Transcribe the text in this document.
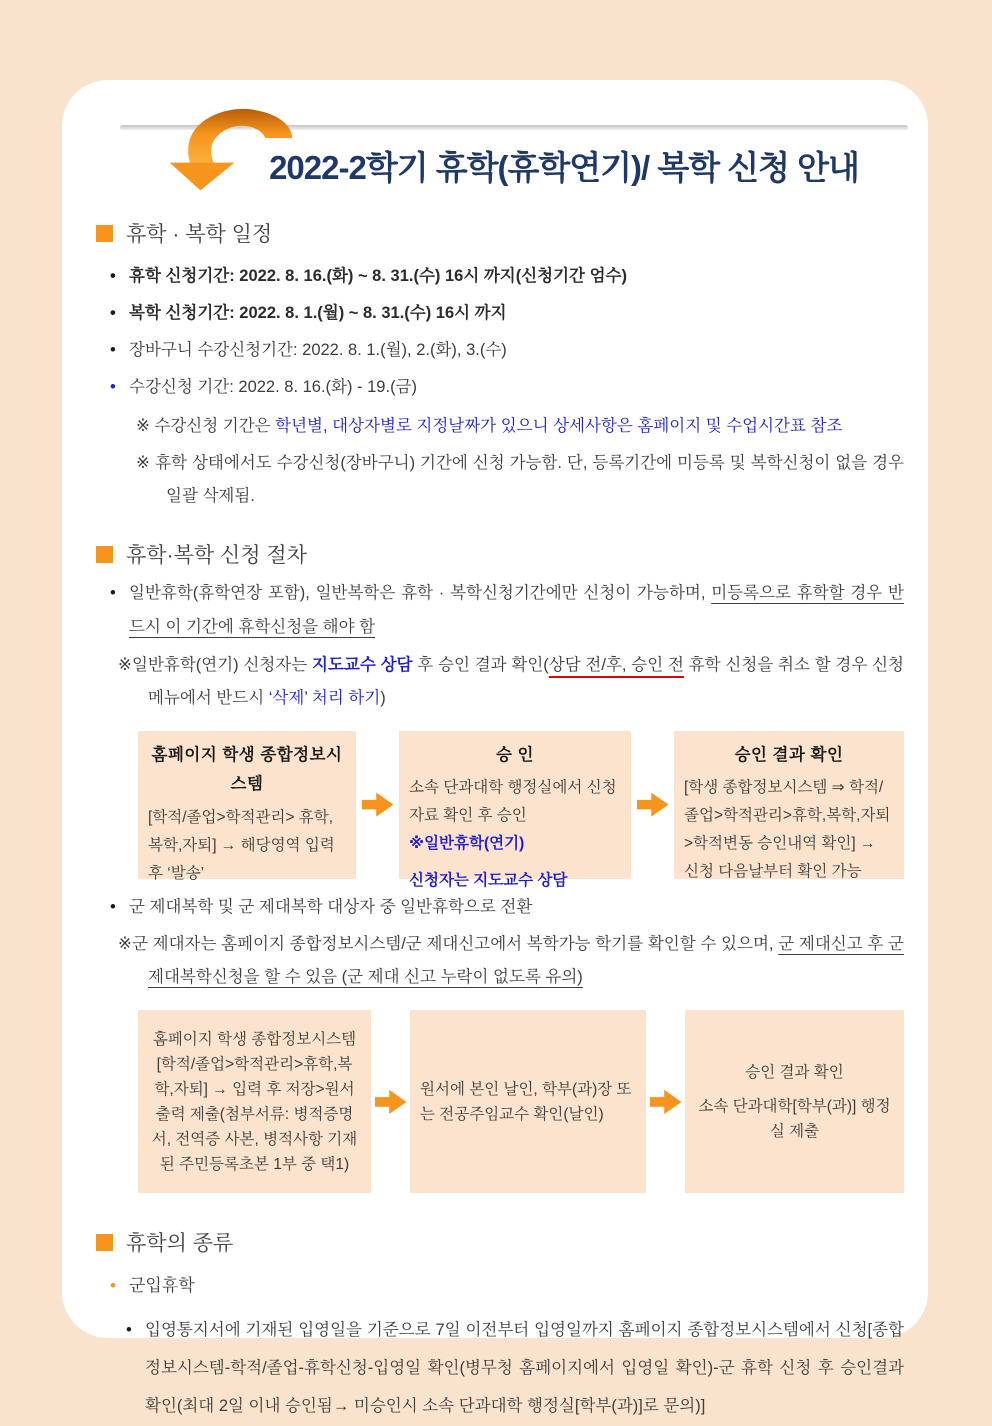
2022-2학기 휴학(휴학연기)/ 복학 신청 안내
휴학 · 복학 일정
• 휴학 신청기간: 2022. 8. 16.(화) ~ 8. 31.(수) 16시 까지(신청기간 엄수)
• 복학 신청기간: 2022. 8. 1.(월) ~ 8. 31.(수) 16시 까지
• 장바구니 수강신청기간: 2022. 8. 1.(월), 2.(화), 3.(수)
• 수강신청 기간: 2022. 8. 16.(화) - 19.(금)

※ 수강신청 기간은 학년별, 대상자별로 지정날짜가 있으니 상세사항은 홈페이지 및 수업시간표 참조

※ 휴학 상태에서도 수강신청(장바구니) 기간에 신청 가능함. 단, 등록기간에 미등록 및 복학신청이 없을 경우 일괄 삭제됨.

휴학·복학 신청 절차

• 일반휴학(휴학연장 포함), 일반복학은 휴학 · 복학신청기간에만 신청이 가능하며, 미등록으로 휴학할 경우 반드시 이 기간에 휴학신청을 해야 함

※일반휴학(연기) 신청자는 지도교수 상담 후 승인 결과 확인(상담 전/후, 승인 전 휴학 신청을 취소 할 경우 신청 메뉴에서 반드시 ‘삭제’ 처리 하기)

홈페이지 학생 종합정보시스템
[학적/졸업>학적관리> 휴학,복학,자퇴] → 해당영역 입력 후 ‘발송’
승 인
소속 단과대학 행정실에서 신청 자료 확인 후 승인
※일반휴학(연기)
신청자는 지도교수 상담
승인 결과 확인
[학생 종합정보시스템 ⇒ 학적/졸업>학적관리>휴학,복학,자퇴>학적변동 승인내역 확인] → 신청 다음날부터 확인 가능

• 군 제대복학 및 군 제대복학 대상자 중 일반휴학으로 전환

※군 제대자는 홈페이지 종합정보시스템/군 제대신고에서 복학가능 학기를 확인할 수 있으며, 군 제대신고 후 군 제대복학신청을 할 수 있음 (군 제대 신고 누락이 없도록 유의)

홈페이지 학생 종합정보시스템[학적/졸업>학적관리>휴학,복학,자퇴] → 입력 후 저장>원서출력 제출(첨부서류: 병적증명서, 전역증 사본, 병적사항 기재된 주민등록초본 1부 중 택1)
원서에 본인 날인, 학부(과)장 또는 전공주임교수 확인(날인)
승인 결과 확인
소속 단과대학[학부(과)] 행정실 제출
휴학의 종류

• 군입휴학

• 입영통지서에 기재된 입영일을 기준으로 7일 이전부터 입영일까지 홈페이지 종합정보시스템에서 신청[종합정보시스템-학적/졸업-휴학신청-입영일 확인(병무청 홈페이지에서 입영일 확인)-군 휴학 신청 후 승인결과 확인(최대 2일 이내 승인됨→ 미승인시 소속 단과대학 행정실[학부(과)]로 문의)]
